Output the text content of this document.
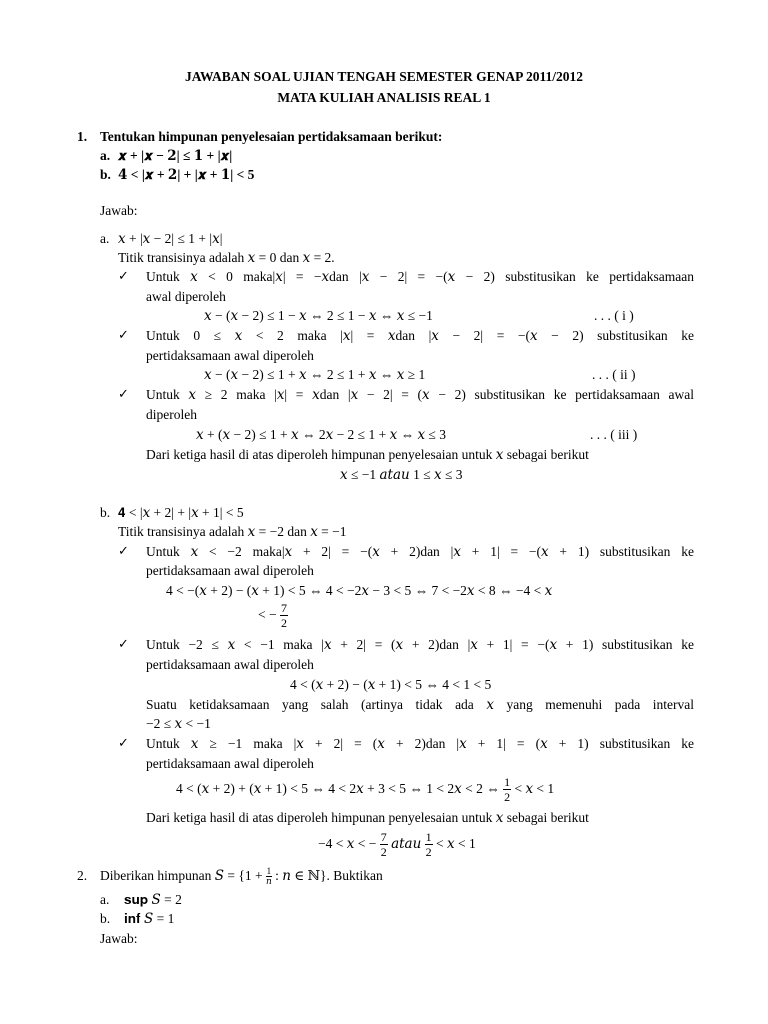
JAWABAN SOAL UJIAN TENGAH SEMESTER GENAP 2011/2012
MATA KULIAH ANALISIS REAL 1
1. Tentukan himpunan penyelesaian pertidaksamaan berikut:
a. 𝒙 + |𝒙 − 𝟐| ≤ 𝟏 + |𝒙|
b. 𝟒 < |𝒙 + 𝟐| + |𝒙 + 𝟏| < 5
Jawab:
a. 𝑥 + |𝑥 − 2| ≤ 1 + |𝑥|
Titik transisinya adalah 𝑥 = 0 dan 𝑥 = 2.
✓ Untuk 𝑥 < 0 maka|𝑥| = −𝑥dan |𝑥 − 2| = −(𝑥 − 2) substitusikan ke pertidaksamaan
awal diperoleh
𝑥 − (𝑥 − 2) ≤ 1 − 𝑥 ⇔ 2 ≤ 1 − 𝑥 ⇔ 𝑥 ≤ −1	. . . ( i )
✓ Untuk 0 ≤ 𝑥 < 2 maka |𝑥| = 𝑥dan |𝑥 − 2| = −(𝑥 − 2) substitusikan ke
pertidaksamaan awal diperoleh
𝑥 − (𝑥 − 2) ≤ 1 + 𝑥 ⇔ 2 ≤ 1 + 𝑥 ⇔ 𝑥 ≥ 1	. . . ( ii )
✓ Untuk 𝑥 ≥ 2 maka |𝑥| = 𝑥dan |𝑥 − 2| = (𝑥 − 2) substitusikan ke pertidaksamaan awal
diperoleh
𝑥 + (𝑥 − 2) ≤ 1 + 𝑥 ⇔ 2𝑥 − 2 ≤ 1 + 𝑥 ⇔ 𝑥 ≤ 3	. . . ( iii )
Dari ketiga hasil di atas diperoleh himpunan penyelesaian untuk 𝑥 sebagai berikut
𝑥 ≤ −1 𝑎𝑡𝑎𝑢 1 ≤ 𝑥 ≤ 3
b. 𝟒 < |𝑥 + 2| + |𝑥 + 1| < 5
Titik transisinya adalah 𝑥 = −2 dan 𝑥 = −1
✓ Untuk 𝑥 < −2 maka|𝑥 + 2| = −(𝑥 + 2)dan |𝑥 + 1| = −(𝑥 + 1) substitusikan ke
pertidaksamaan awal diperoleh
4 < −(𝑥 + 2) − (𝑥 + 1) < 5 ⇔ 4 < −2𝑥 − 3 < 5 ⇔ 7 < −2𝑥 < 8 ⇔ −4 < 𝑥
< − $\frac{7}{2}$
✓ Untuk −2 ≤ 𝑥 < −1 maka |𝑥 + 2| = (𝑥 + 2)dan |𝑥 + 1| = −(𝑥 + 1) substitusikan ke
pertidaksamaan awal diperoleh
4 < (𝑥 + 2) − (𝑥 + 1) < 5 ⇔ 4 < 1 < 5
Suatu ketidaksamaan yang salah (artinya tidak ada 𝑥 yang memenuhi pada interval
−2 ≤ 𝑥 < −1
✓ Untuk 𝑥 ≥ −1 maka |𝑥 + 2| = (𝑥 + 2)dan |𝑥 + 1| = (𝑥 + 1) substitusikan ke
pertidaksamaan awal diperoleh
4 < (𝑥 + 2) + (𝑥 + 1) < 5 ⇔ 4 < 2𝑥 + 3 < 5 ⇔ 1 < 2𝑥 < 2 ⇔ $\frac{1}{2}$ < 𝑥 < 1
Dari ketiga hasil di atas diperoleh himpunan penyelesaian untuk 𝑥 sebagai berikut
−4 < 𝑥 < − $\frac{7}{2}$ 𝑎𝑡𝑎𝑢 $\frac{1}{2}$ < 𝑥 < 1
2. Diberikan himpunan 𝑆 = {1 + 1
𝑛 : 𝑛 ∈ ℕ}. Buktikan
a. 𝐬𝐮𝐩 𝑆 = 2
b. 𝐢𝐧𝐟 𝑆 = 1
Jawab:
